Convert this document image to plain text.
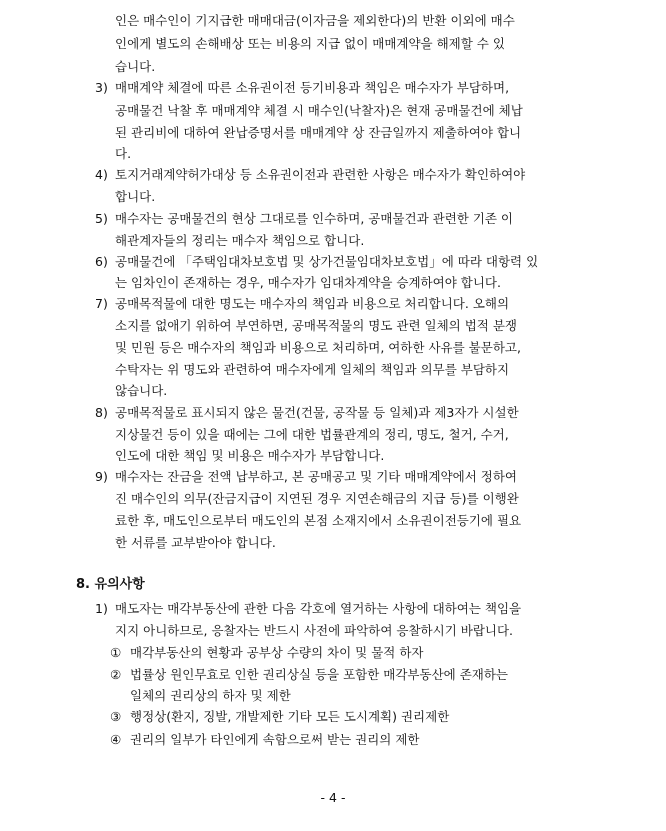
인은 매수인이 기지급한 매매대금(이자금을 제외한다)의 반환 이외에 매수
인에게 별도의 손해배상 또는 비용의 지급 없이 매매계약을 해제할 수 있
습니다.
3) 매매계약 체결에 따른 소유권이전 등기비용과 책임은 매수자가 부담하며,
공매물건 낙찰 후 매매계약 체결 시 매수인(낙찰자)은 현재 공매물건에 체납
된 관리비에 대하여 완납증명서를 매매계약 상 잔금일까지 제출하여야 합니
다.
4) 토지거래계약허가대상 등 소유권이전과 관련한 사항은 매수자가 확인하여야
합니다.
5) 매수자는 공매물건의 현상 그대로를 인수하며, 공매물건과 관련한 기존 이
해관계자들의 정리는 매수자 책임으로 합니다.
6) 공매물건에 「주택임대차보호법 및 상가건물임대차보호법」에 따라 대항력 있
는 임차인이 존재하는 경우, 매수자가 임대차계약을 승계하여야 합니다.
7) 공매목적물에 대한 명도는 매수자의 책임과 비용으로 처리합니다. 오해의
소지를 없애기 위하여 부연하면, 공매목적물의 명도 관련 일체의 법적 분쟁
및 민원 등은 매수자의 책임과 비용으로 처리하며, 여하한 사유를 불문하고,
수탁자는 위 명도와 관련하여 매수자에게 일체의 책임과 의무를 부담하지
않습니다.
8) 공매목적물로 표시되지 않은 물건(건물, 공작물 등 일체)과 제3자가 시설한
지상물건 등이 있을 때에는 그에 대한 법률관계의 정리, 명도, 철거, 수거,
인도에 대한 책임 및 비용은 매수자가 부담합니다.
9) 매수자는 잔금을 전액 납부하고, 본 공매공고 및 기타 매매계약에서 정하여
진 매수인의 의무(잔금지급이 지연된 경우 지연손해금의 지급 등)를 이행완
료한 후, 매도인으로부터 매도인의 본점 소재지에서 소유권이전등기에 필요
한 서류를 교부받아야 합니다.
8. 유의사항
1) 매도자는 매각부동산에 관한 다음 각호에 열거하는 사항에 대하여는 책임을
지지 아니하므로, 응찰자는 반드시 사전에 파악하여 응찰하시기 바랍니다.
① 매각부동산의 현황과 공부상 수량의 차이 및 물적 하자
② 법률상 원인무효로 인한 권리상실 등을 포함한 매각부동산에 존재하는
일체의 권리상의 하자 및 제한
③ 행정상(환지, 징발, 개발제한 기타 모든 도시계획) 권리제한
④ 권리의 일부가 타인에게 속함으로써 받는 권리의 제한
- 4 -
